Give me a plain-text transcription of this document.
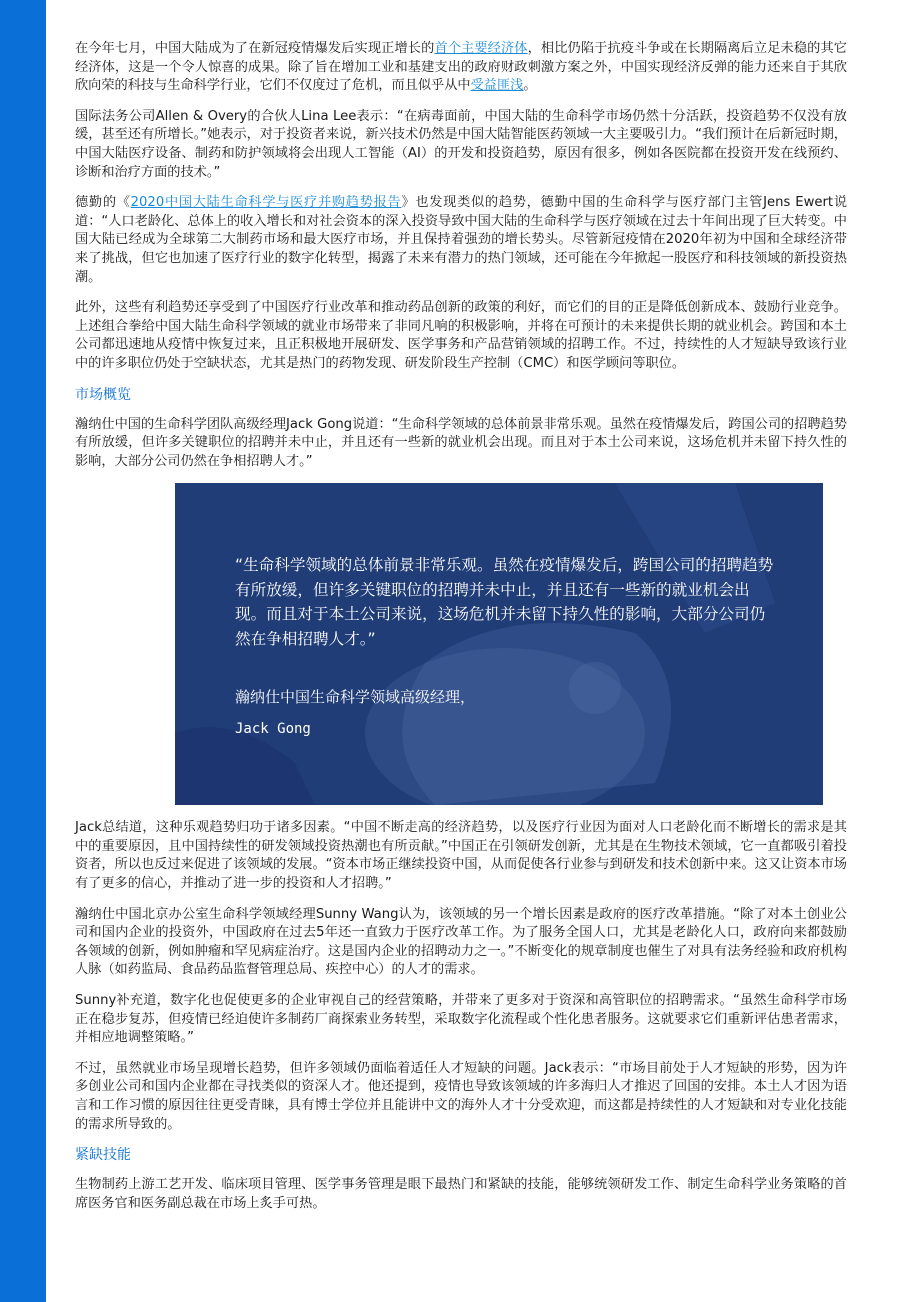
在今年七月，中国大陆成为了在新冠疫情爆发后实现正增长的首个主要经济体，相比仍陷于抗疫斗争或在长期隔离后立足未稳的其它经济体，这是一个令人惊喜的成果。除了旨在增加工业和基建支出的政府财政刺激方案之外，中国实现经济反弹的能力还来自于其欣欣向荣的科技与生命科学行业，它们不仅度过了危机，而且似乎从中受益匪浅。

国际法务公司Allen & Overy的合伙人Lina Lee表示：“在病毒面前，中国大陆的生命科学市场仍然十分活跃，投资趋势不仅没有放缓，甚至还有所增长。”她表示，对于投资者来说，新兴技术仍然是中国大陆智能医药领域一大主要吸引力。“我们预计在后新冠时期，中国大陆医疗设备、制药和防护领域将会出现人工智能（AI）的开发和投资趋势，原因有很多，例如各医院都在投资开发在线预约、诊断和治疗方面的技术。”

德勤的《2020中国大陆生命科学与医疗并购趋势报告》也发现类似的趋势，德勤中国的生命科学与医疗部门主管Jens Ewert说道：“人口老龄化、总体上的收入增长和对社会资本的深入投资导致中国大陆的生命科学与医疗领域在过去十年间出现了巨大转变。中国大陆已经成为全球第二大制药市场和最大医疗市场，并且保持着强劲的增长势头。尽管新冠疫情在2020年初为中国和全球经济带来了挑战，但它也加速了医疗行业的数字化转型，揭露了未来有潜力的热门领域，还可能在今年掀起一股医疗和科技领域的新投资热潮。

此外，这些有利趋势还享受到了中国医疗行业改革和推动药品创新的政策的利好，而它们的目的正是降低创新成本、鼓励行业竞争。上述组合拳给中国大陆生命科学领域的就业市场带来了非同凡响的积极影响，并将在可预计的未来提供长期的就业机会。跨国和本土公司都迅速地从疫情中恢复过来，且正积极地开展研发、医学事务和产品营销领域的招聘工作。不过，持续性的人才短缺导致该行业中的许多职位仍处于空缺状态，尤其是热门的药物发现、研发阶段生产控制（CMC）和医学顾问等职位。

市场概览

瀚纳仕中国的生命科学团队高级经理Jack Gong说道：“生命科学领域的总体前景非常乐观。虽然在疫情爆发后，跨国公司的招聘趋势有所放缓，但许多关键职位的招聘并未中止，并且还有一些新的就业机会出现。而且对于本土公司来说，这场危机并未留下持久性的影响，大部分公司仍然在争相招聘人才。”

“生命科学领域的总体前景非常乐观。虽然在疫情爆发后，跨国公司的招聘趋势有所放缓，但许多关键职位的招聘并未中止，并且还有一些新的就业机会出现。而且对于本土公司来说，这场危机并未留下持久性的影响，大部分公司仍然在争相招聘人才。”
瀚纳仕中国生命科学领域高级经理，
Jack Gong

Jack总结道，这种乐观趋势归功于诸多因素。“中国不断走高的经济趋势，以及医疗行业因为面对人口老龄化而不断增长的需求是其中的重要原因，且中国持续性的研发领域投资热潮也有所贡献。”中国正在引领研发创新，尤其是在生物技术领域，它一直都吸引着投资者，所以也反过来促进了该领域的发展。“资本市场正继续投资中国，从而促使各行业参与到研发和技术创新中来。这又让资本市场有了更多的信心，并推动了进一步的投资和人才招聘。”

瀚纳仕中国北京办公室生命科学领域经理Sunny Wang认为，该领域的另一个增长因素是政府的医疗改革措施。“除了对本土创业公司和国内企业的投资外，中国政府在过去5年还一直致力于医疗改革工作。为了服务全国人口，尤其是老龄化人口，政府向来都鼓励各领域的创新，例如肿瘤和罕见病症治疗。这是国内企业的招聘动力之一。”不断变化的规章制度也催生了对具有法务经验和政府机构人脉（如药监局、食品药品监督管理总局、疾控中心）的人才的需求。

Sunny补充道，数字化也促使更多的企业审视自己的经营策略，并带来了更多对于资深和高管职位的招聘需求。“虽然生命科学市场正在稳步复苏，但疫情已经迫使许多制药厂商探索业务转型，采取数字化流程或个性化患者服务。这就要求它们重新评估患者需求，并相应地调整策略。”

不过，虽然就业市场呈现增长趋势，但许多领域仍面临着适任人才短缺的问题。Jack表示：“市场目前处于人才短缺的形势，因为许多创业公司和国内企业都在寻找类似的资深人才。他还提到，疫情也导致该领域的许多海归人才推迟了回国的安排。本土人才因为语言和工作习惯的原因往往更受青睐，具有博士学位并且能讲中文的海外人才十分受欢迎，而这都是持续性的人才短缺和对专业化技能的需求所导致的。

紧缺技能

生物制药上游工艺开发、临床项目管理、医学事务管理是眼下最热门和紧缺的技能，能够统领研发工作、制定生命科学业务策略的首席医务官和医务副总裁在市场上炙手可热。
